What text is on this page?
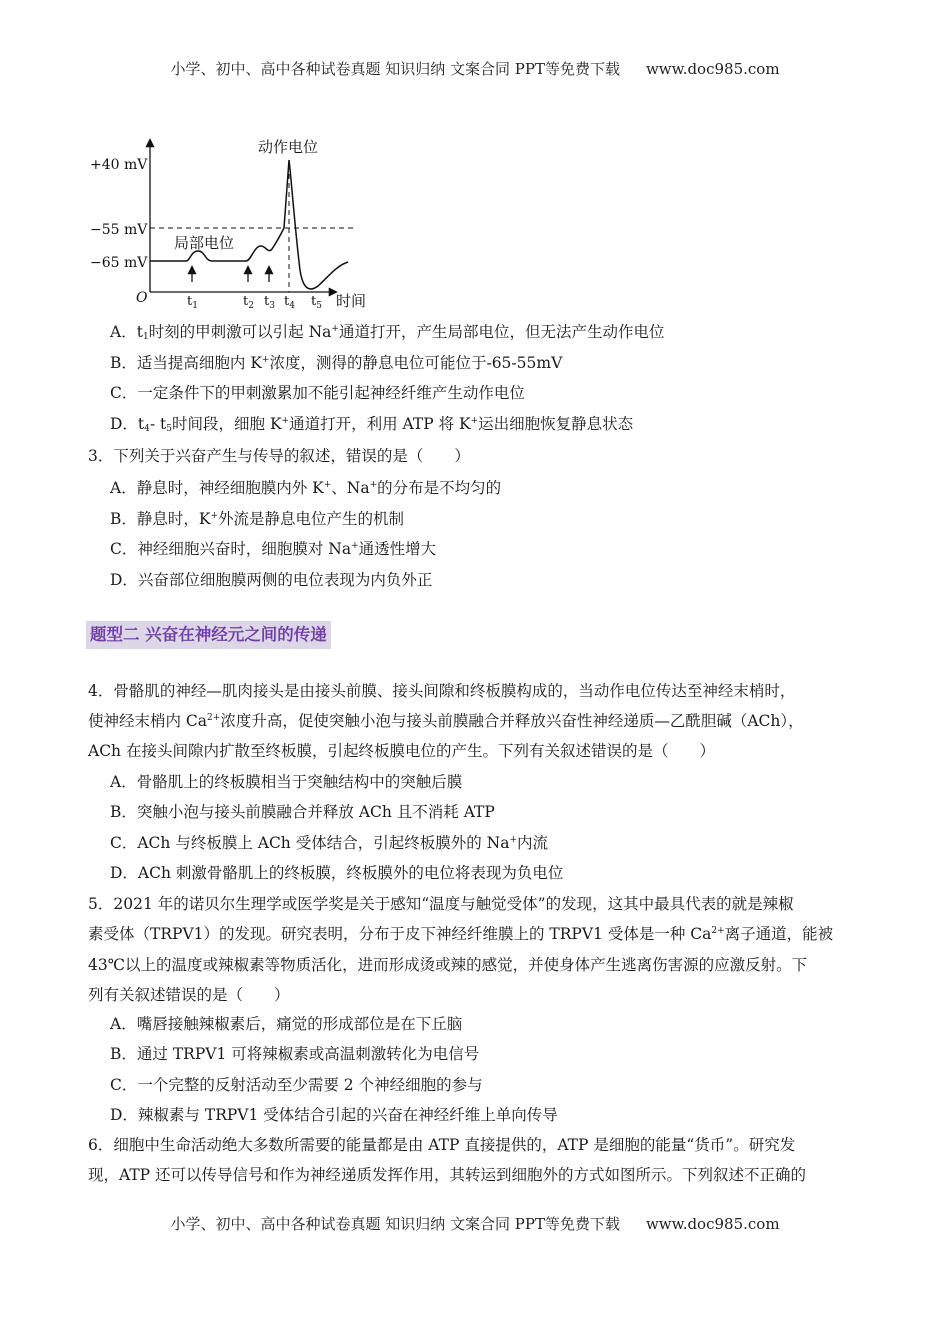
小学、初中、高中各种试卷真题 知识归纳 文案合同 PPT等免费下载 www.doc985.com
+40 mV
−55 mV
−65 mV
动作电位
局部电位
O	时间
$t_1$	$t_2$ $t_3$ $t_4$ $t_5$
A．$t_1$时刻的甲刺激可以引起 Na+通道打开，产生局部电位，但无法产生动作电位
B．适当提高细胞内 K+浓度，测得的静息电位可能位于-65-55mV
C．一定条件下的甲刺激累加不能引起神经纤维产生动作电位
D．$t_4-$ $t_5$时间段，细胞 K+通道打开，利用 ATP 将 K+运出细胞恢复静息状态
3．下列关于兴奋产生与传导的叙述，错误的是（　　）
A．静息时，神经细胞膜内外 K+、Na+的分布是不均匀的
B．静息时，K+外流是静息电位产生的机制
C．神经细胞兴奋时，细胞膜对 Na+通透性增大
D．兴奋部位细胞膜两侧的电位表现为内负外正
题型二 兴奋在神经元之间的传递
4．骨骼肌的神经—肌肉接头是由接头前膜、接头间隙和终板膜构成的，当动作电位传达至神经末梢时，
使神经末梢内 $Ca^{2+}$浓度升高，促使突触小泡与接头前膜融合并释放兴奋性神经递质—乙酰胆碱（ACh），
ACh 在接头间隙内扩散至终板膜，引起终板膜电位的产生。下列有关叙述错误的是（　　）
A．骨骼肌上的终板膜相当于突触结构中的突触后膜
B．突触小泡与接头前膜融合并释放 ACh 且不消耗 ATP
C．ACh 与终板膜上 ACh 受体结合，引起终板膜外的 Na+内流
D．ACh 刺激骨骼肌上的终板膜，终板膜外的电位将表现为负电位
5．2021 年的诺贝尔生理学或医学奖是关于感知“温度与触觉受体”的发现，这其中最具代表的就是辣椒
素受体（TRPV1）的发现。研究表明，分布于皮下神经纤维膜上的 TRPV1 受体是一种 $Ca^{2+}$离子通道，能被
43℃以上的温度或辣椒素等物质活化，进而形成烫或辣的感觉，并使身体产生逃离伤害源的应激反射。下
列有关叙述错误的是（　　）
A．嘴唇接触辣椒素后，痛觉的形成部位是在下丘脑
B．通过 TRPV1 可将辣椒素或高温刺激转化为电信号
C．一个完整的反射活动至少需要 2 个神经细胞的参与
D．辣椒素与 TRPV1 受体结合引起的兴奋在神经纤维上单向传导
6．细胞中生命活动绝大多数所需要的能量都是由 ATP 直接提供的，ATP 是细胞的能量“货币”。研究发
现，ATP 还可以传导信号和作为神经递质发挥作用，其转运到细胞外的方式如图所示。下列叙述不正确的
小学、初中、高中各种试卷真题 知识归纳 文案合同 PPT等免费下载 www.doc985.com
